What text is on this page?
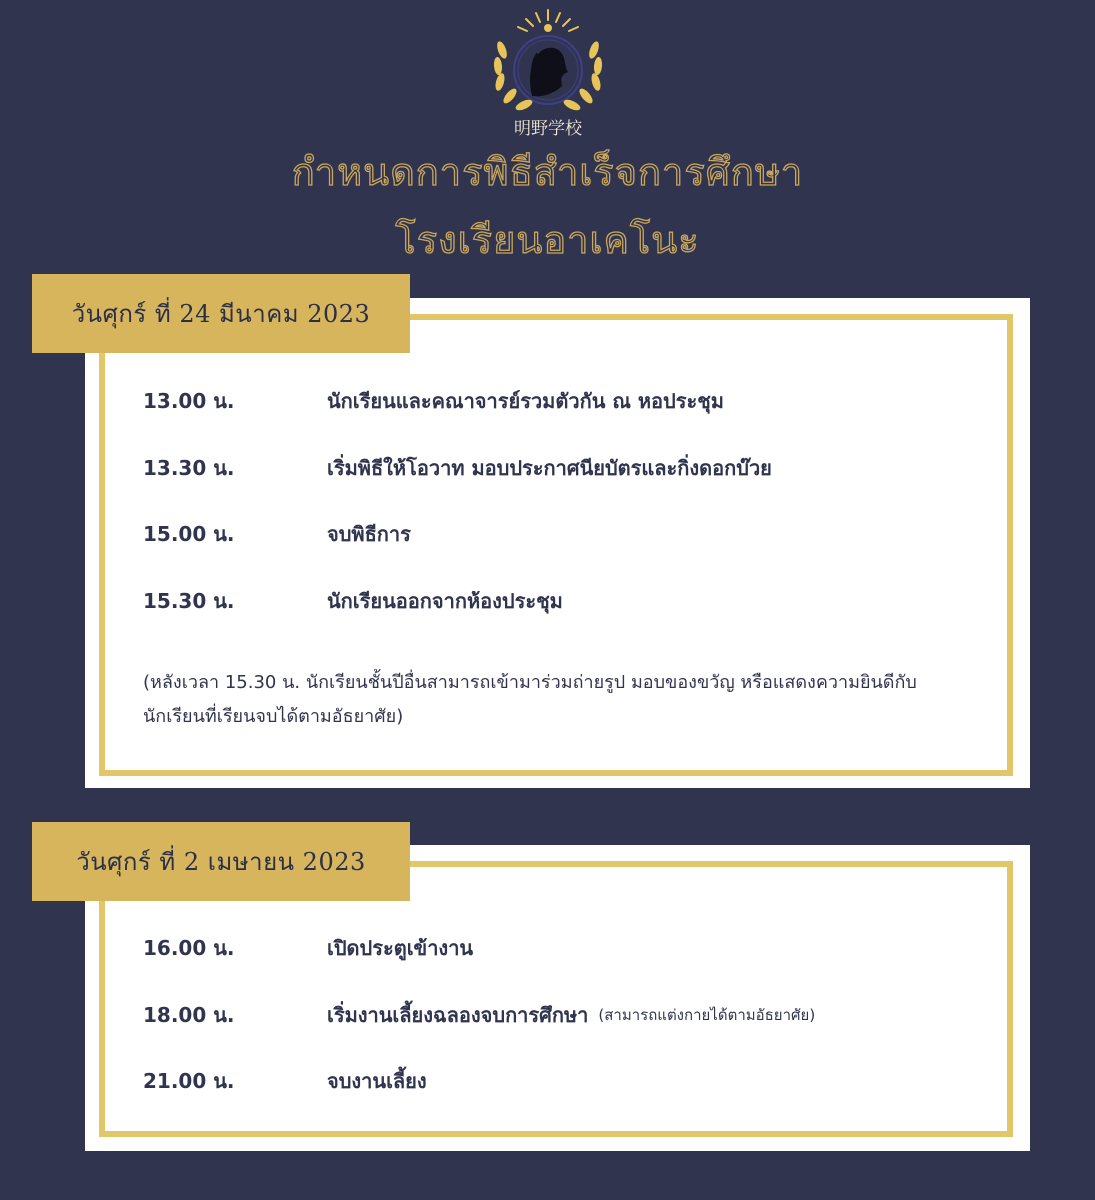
明野学校
กำหนดการพิธีสำเร็จการศึกษา
โรงเรียนอาเคโนะ
13.00 น.	นักเรียนและคณาจารย์รวมตัวกัน ณ หอประชุม
13.30 น.	เริ่มพิธีให้โอวาท มอบประกาศนียบัตรและกิ่งดอกบ๊วย
15.00 น.	จบพิธีการ
15.30 น.	นักเรียนออกจากห้องประชุม
(หลังเวลา 15.30 น. นักเรียนชั้นปีอื่นสามารถเข้ามาร่วมถ่ายรูป มอบของขวัญ หรือแสดงความยินดีกับนักเรียนที่เรียนจบได้ตามอัธยาศัย)
วันศุกร์ ที่ 24 มีนาคม 2023
16.00 น.	เปิดประตูเข้างาน
18.00 น.	เริ่มงานเลี้ยงฉลองจบการศึกษา (สามารถแต่งกายได้ตามอัธยาศัย)
21.00 น.	จบงานเลี้ยง
วันศุกร์ ที่ 2 เมษายน 2023
